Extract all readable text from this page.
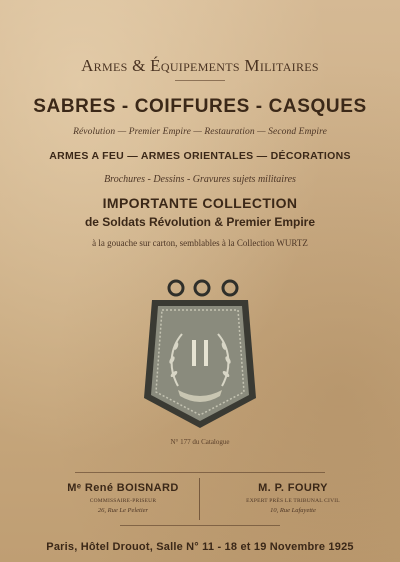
Armes & Équipements Militaires
SABRES - COIFFURES - CASQUES
Révolution — Premier Empire — Restauration — Second Empire
ARMES A FEU — ARMES ORIENTALES — DÉCORATIONS
Brochures - Dessins - Gravures sujets militaires
IMPORTANTE COLLECTION
de Soldats Révolution & Premier Empire
à la gouache sur carton, semblables à la Collection WURTZ
N° 177 du Catalogue
Mᵉ René BOISNARD
COMMISSAIRE-PRISEUR
26, Rue Le Peletier
M. P. FOURY
EXPERT PRÈS LE TRIBUNAL CIVIL
10, Rue Lafayette
Paris, Hôtel Drouot, Salle N° 11 - 18 et 19 Novembre 1925
